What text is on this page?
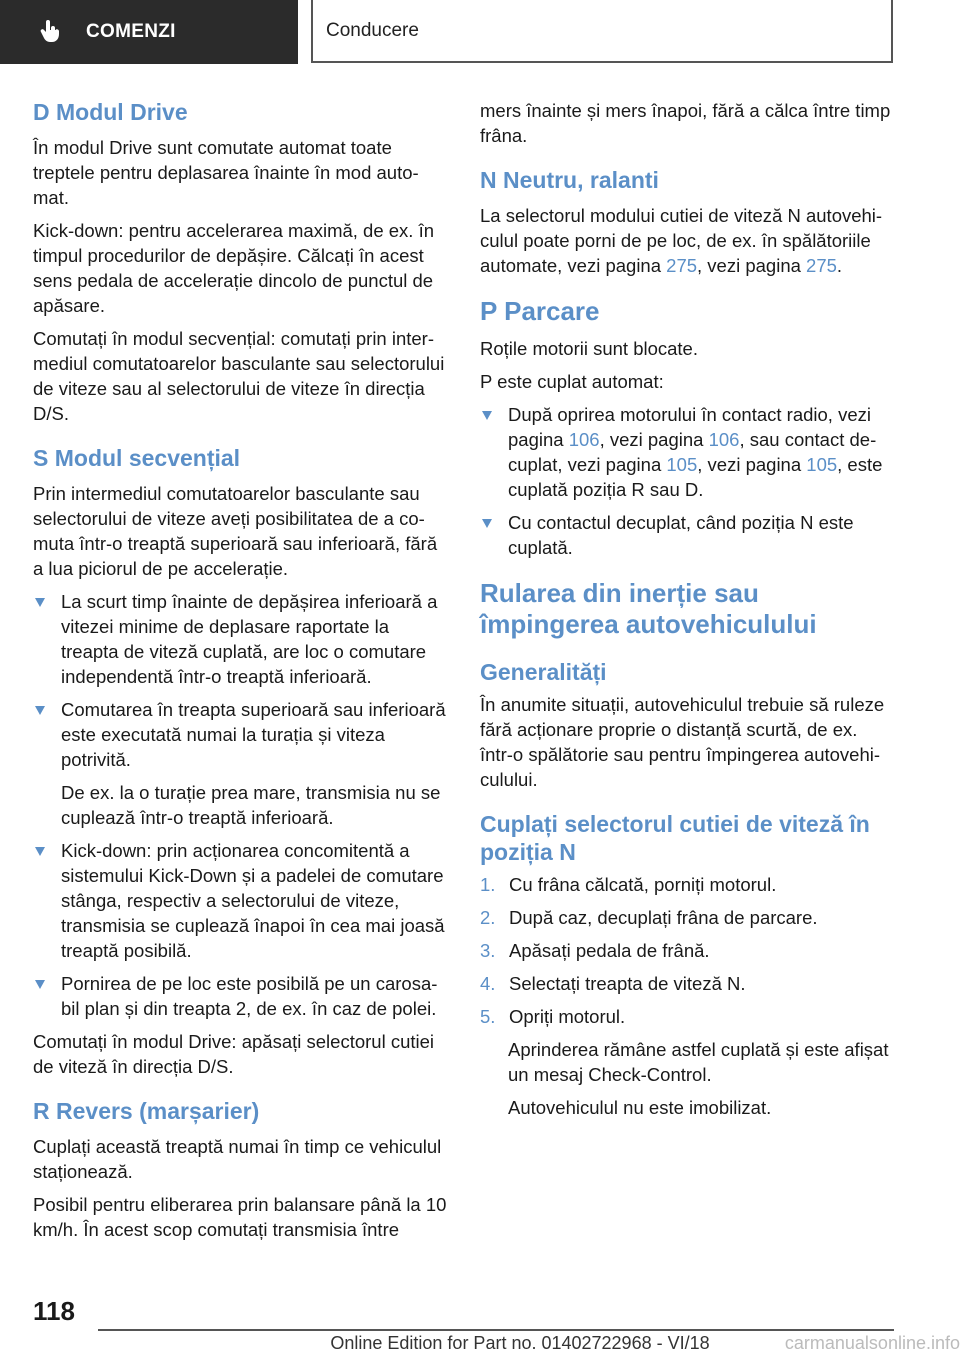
COMENZI	Conducere
D Modul Drive

În modul Drive sunt comutate automat toate treptele pentru deplasarea înainte în mod automat.

Kick-down: pentru accelerarea maximă, de ex. în timpul procedurilor de depășire. Călcați în acest sens pedala de accelerație dincolo de punctul de apăsare.

Comutați în modul secvențial: comutați prin intermediul comutatoarelor basculante sau selectorului de viteze sau al selectorului de viteze în direcția D/S.

S Modul secvențial

Prin intermediul comutatoarelor basculante sau selectorului de viteze aveți posibilitatea de a comuta într-o treaptă superioară sau inferioară, fără a lua piciorul de pe accelerație.

La scurt timp înainte de depășirea inferioară a vitezei minime de deplasare raportate la treapta de viteză cuplată, are loc o comutare independentă într-o treaptă inferioară.
Comutarea în treapta superioară sau inferioară este executată numai la turația și viteza potrivită.
De ex. la o turație prea mare, transmisia nu se cuplează într-o treaptă inferioară.
Kick-down: prin acționarea concomitentă a sistemului Kick-Down și a padelei de comutare stânga, respectiv a selectorului de viteze, transmisia se cuplează înapoi în cea mai joasă treaptă posibilă.
Pornirea de pe loc este posibilă pe un carosabil plan și din treapta 2, de ex. în caz de polei.

Comutați în modul Drive: apăsați selectorul cutiei de viteză în direcția D/S.

R Revers (marșarier)

Cuplați această treaptă numai în timp ce vehiculul staționează.

Posibil pentru eliberarea prin balansare până la 10 km/h. În acest scop comutați transmisia între

mers înainte și mers înapoi, fără a călca între timp frâna.

N Neutru, ralanti

La selectorul modului cutiei de viteză N autovehiculul poate porni de pe loc, de ex. în spălătoriile automate, vezi pagina 275, vezi pagina 275.

P Parcare

Roțile motorii sunt blocate.

P este cuplat automat:

După oprirea motorului în contact radio, vezi pagina 106, vezi pagina 106, sau contact decuplat, vezi pagina 105, vezi pagina 105, este cuplată poziția R sau D.
Cu contactul decuplat, când poziția N este cuplată.
Rularea din inerție sau împingerea autovehiculului
Generalități

În anumite situații, autovehiculul trebuie să ruleze fără acționare proprie o distanță scurtă, de ex. într-o spălătorie sau pentru împingerea autovehiculului.

Cuplați selectorul cutiei de viteză în poziția N
1. Cu frâna călcată, porniți motorul.
2. După caz, decuplați frâna de parcare.
3. Apăsați pedala de frână.
4. Selectați treapta de viteză N.
5. Opriți motorul.
Aprinderea rămâne astfel cuplată și este afișat un mesaj Check-Control.
Autovehiculul nu este imobilizat.
118
Online Edition for Part no. 01402722968 - VI/18	carmanualsonline.info
